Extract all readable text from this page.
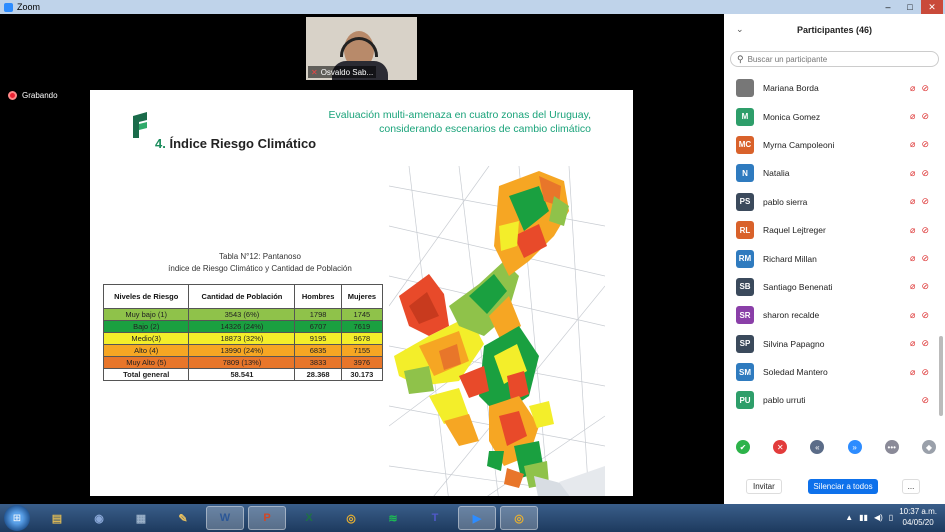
Zoom	–	□	✕
✕ Osvaldo Sab...
Grabando
Evaluación multi-amenaza en cuatro zonas del Uruguay,
considerando escenarios de cambio climático
4. Índice Riesgo Climático
Tabla N°12: Pantanoso
índice de Riesgo Climático y Cantidad de Población
Niveles de Riesgo	Cantidad de Población	Hombres	Mujeres
Muy bajo (1)	3543 (6%)	1798	1745
Bajo (2)	14326 (24%)	6707	7619
Medio(3)	18873 (32%)	9195	9678
Alto (4)	13990 (24%)	6835	7155
Muy Alto (5)	7809 (13%)	3833	3976
Total general	58.541	28.368	30.173
⌄	Participantes (46)
⚲
Buscar un participante
Mariana Borda	⌀ ⊘
M	Monica Gomez	⌀ ⊘
MC	Myrna Campoleoni	⌀ ⊘
N	Natalia	⌀ ⊘
PS	pablo sierra	⌀ ⊘
RL	Raquel Lejtreger	⌀ ⊘
RM	Richard Millan	⌀ ⊘
SB	Santiago Benenati	⌀ ⊘
SR	sharon recalde	⌀ ⊘
SP	Silvina Papagno	⌀ ⊘
SM	Soledad Mantero	⌀ ⊘
PU	pablo urruti	⊘
✔	✕	«	»	•••	◆
Invitar	Silenciar a todos	...
⊞	▤	◉	▦	✎	W	P	X	◎	≋	T	▶	◎	▲ ▮▮ ◀) ▯
10:37 a.m.
04/05/20
